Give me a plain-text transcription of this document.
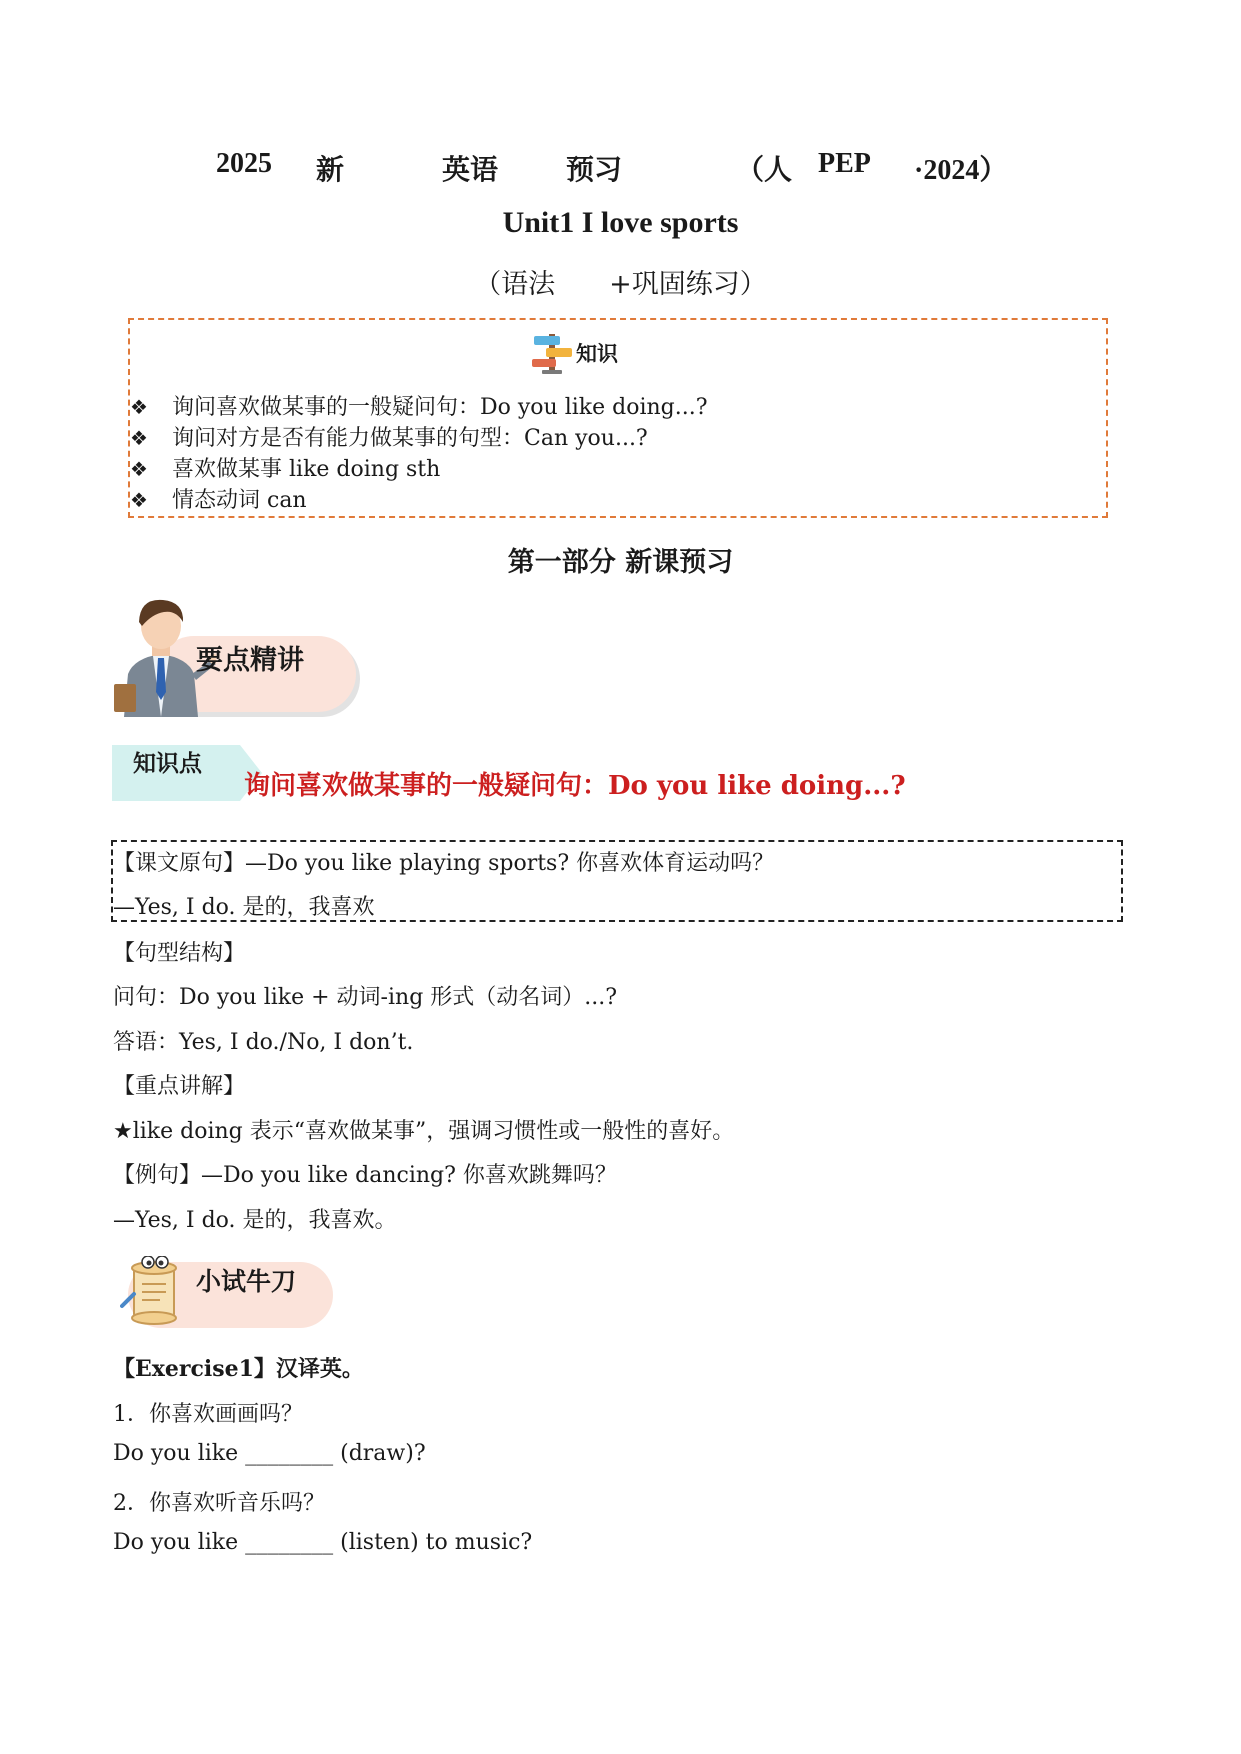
2025 新	英语 预习	（人 PEP ·2024）
Unit1 I love sports
（语法　　+巩固练习）
知识
❖ 询问喜欢做某事的一般疑问句：Do you like doing...?
❖ 询问对方是否有能力做某事的句型：Can you...?
❖ 喜欢做某事 like doing sth
❖ 情态动词 can
第一部分 新课预习
要点精讲
知识点
询问喜欢做某事的一般疑问句：Do you like doing...?
【课文原句】—Do you like playing sports? 你喜欢体育运动吗？
—Yes, I do. 是的，我喜欢
【句型结构】
问句：Do you like + 动词-ing 形式（动名词）...?
答语：Yes, I do./No, I don’t.
【重点讲解】
★like doing 表示“喜欢做某事”，强调习惯性或一般性的喜好。
【例句】—Do you like dancing? 你喜欢跳舞吗？
—Yes, I do. 是的，我喜欢。
小试牛刀
【Exercise1】汉译英。
1．你喜欢画画吗？
Do you like ________ (draw)?
2．你喜欢听音乐吗？
Do you like ________ (listen) to music?
